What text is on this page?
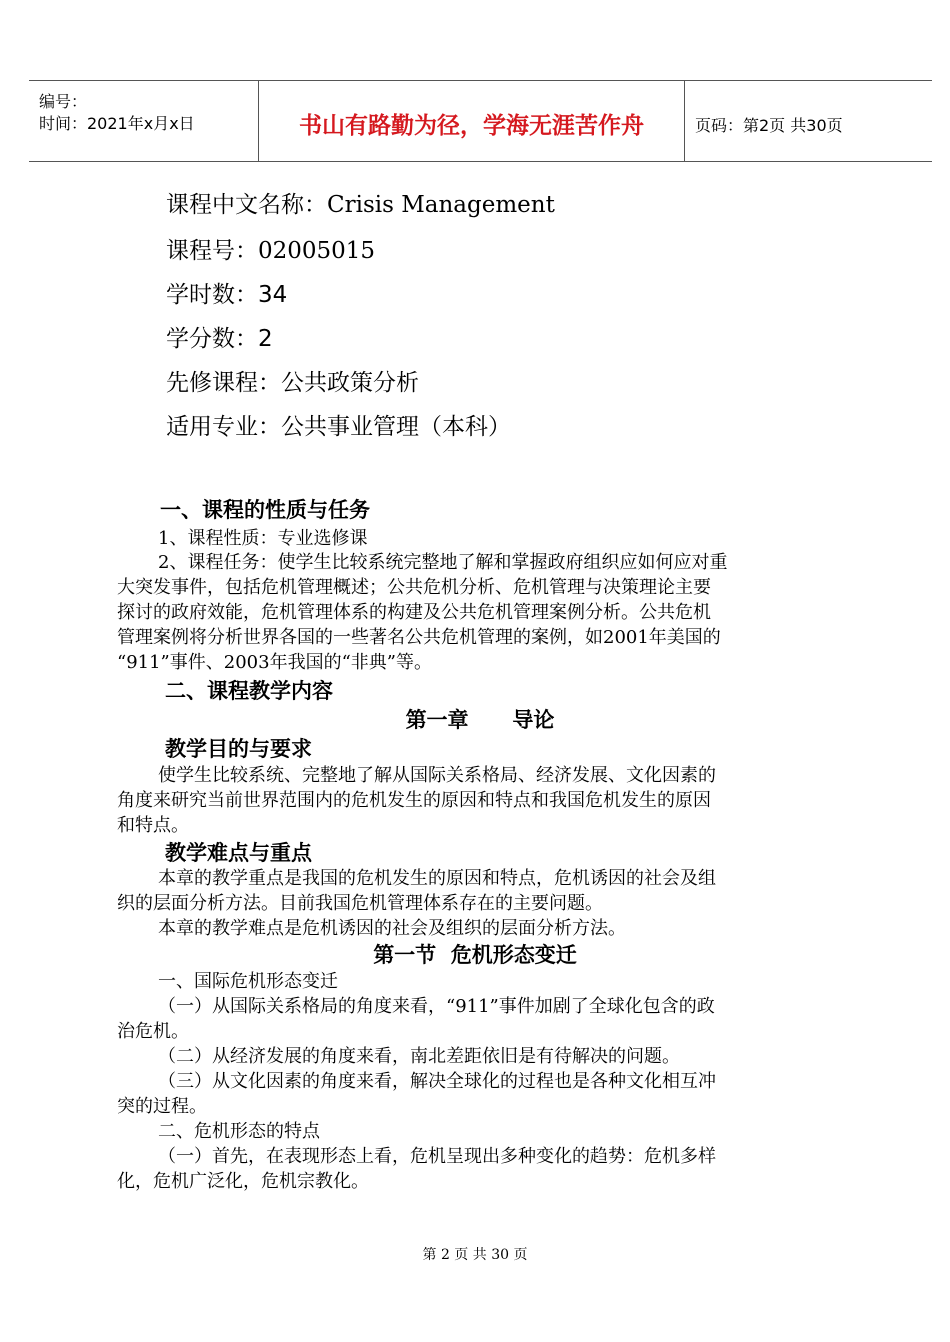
编号：
时间：2021年x月x日	书山有路勤为径，学海无涯苦作舟	页码：第2页 共30页
课程中文名称：Crisis Management
课程号：02005015
学时数：34
学分数：2
先修课程：公共政策分析
适用专业：公共事业管理（本科）
一、课程的性质与任务
1、课程性质：专业选修课
2、课程任务：使学生比较系统完整地了解和掌握政府组织应如何应对重
大突发事件，包括危机管理概述；公共危机分析、危机管理与决策理论主要
探讨的政府效能，危机管理体系的构建及公共危机管理案例分析。公共危机
管理案例将分析世界各国的一些著名公共危机管理的案例，如2001年美国的
“911”事件、2003年我国的“非典”等。
二、课程教学内容
第一章      导论
教学目的与要求
使学生比较系统、完整地了解从国际关系格局、经济发展、文化因素的
角度来研究当前世界范围内的危机发生的原因和特点和我国危机发生的原因
和特点。
教学难点与重点
本章的教学重点是我国的危机发生的原因和特点，危机诱因的社会及组
织的层面分析方法。目前我国危机管理体系存在的主要问题。
本章的教学难点是危机诱因的社会及组织的层面分析方法。
第一节  危机形态变迁
一、国际危机形态变迁
（一）从国际关系格局的角度来看，“911”事件加剧了全球化包含的政
治危机。
（二）从经济发展的角度来看，南北差距依旧是有待解决的问题。
（三）从文化因素的角度来看，解决全球化的过程也是各种文化相互冲
突的过程。
二、危机形态的特点
（一）首先，在表现形态上看，危机呈现出多种变化的趋势：危机多样
化，危机广泛化，危机宗教化。
第 2 页 共 30 页
